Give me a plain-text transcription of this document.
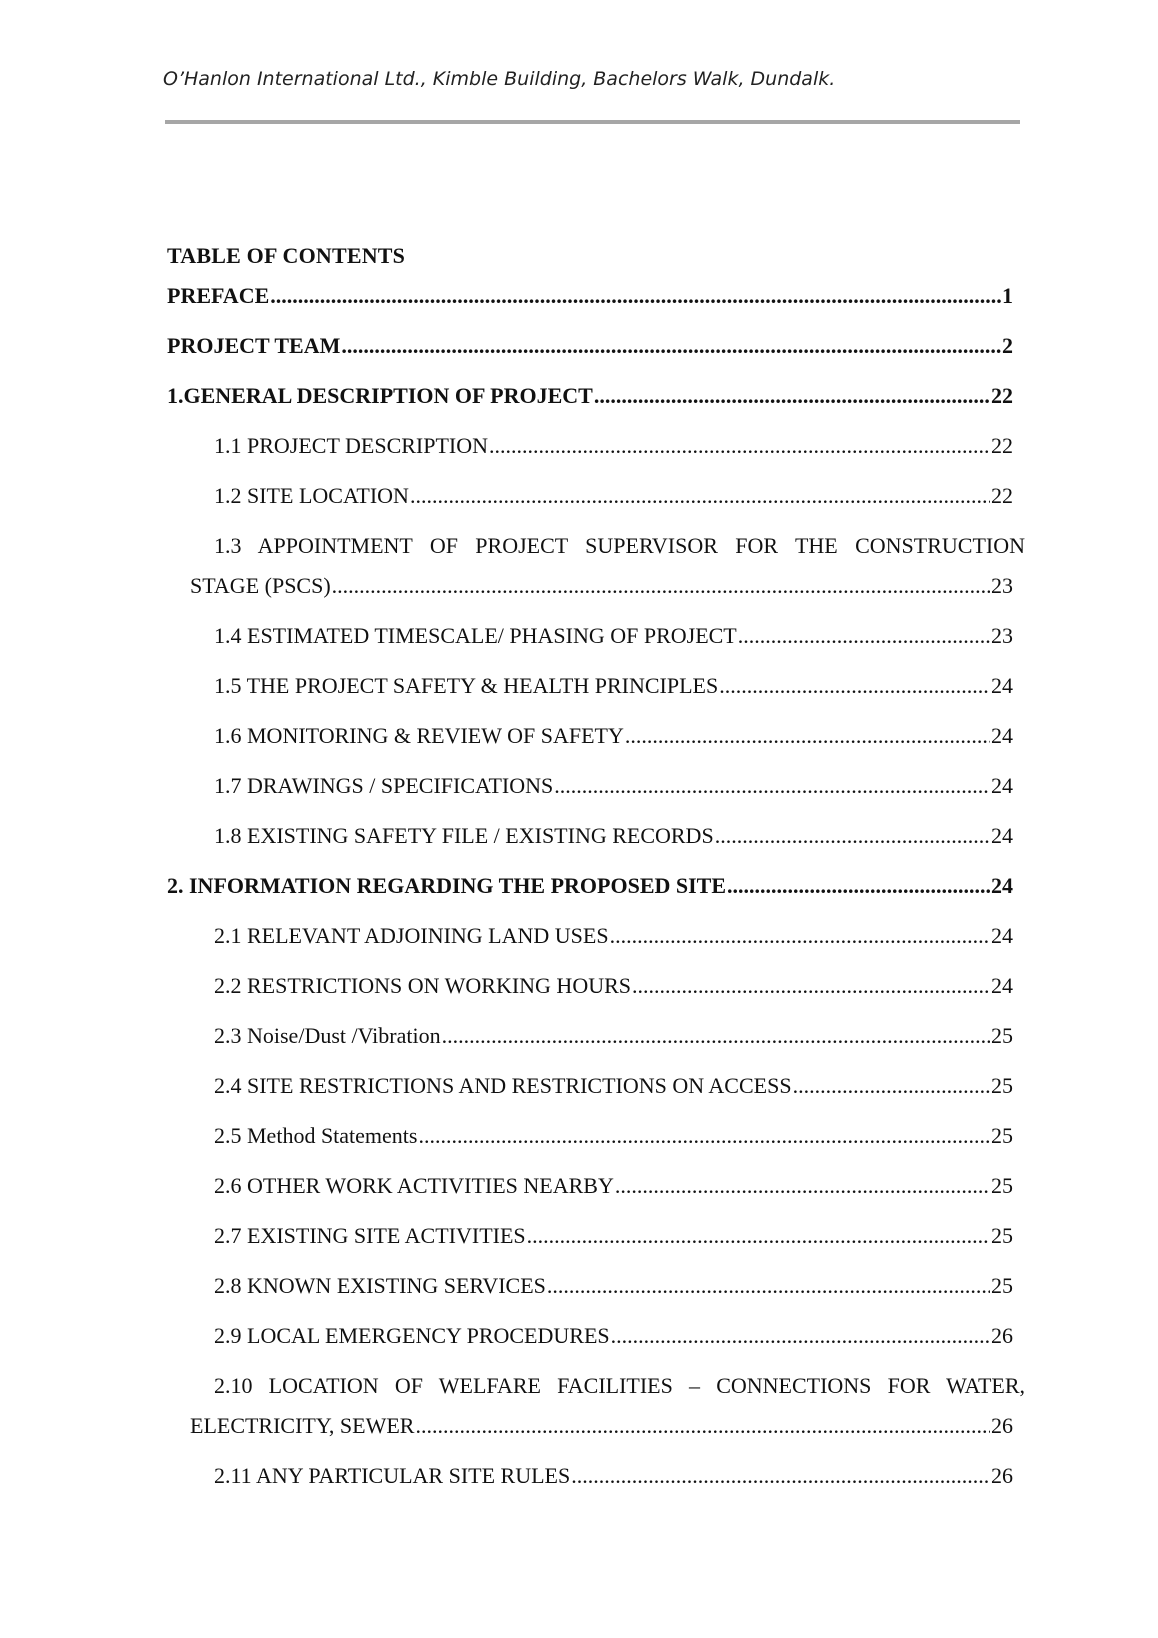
O’Hanlon International Ltd., Kimble Building, Bachelors Walk, Dundalk.
TABLE OF CONTENTS
PREFACE .....	1
PROJECT TEAM .....	2
1. GENERAL DESCRIPTION OF PROJECT .....	22
1.1 PROJECT DESCRIPTION .....	22
1.2 SITE LOCATION .....	22
1.3 APPOINTMENT OF PROJECT SUPERVISOR FOR THE CONSTRUCTION
STAGE (PSCS) .....	23
1.4 ESTIMATED TIMESCALE/ PHASING OF PROJECT .....	23
1.5 THE PROJECT SAFETY & HEALTH PRINCIPLES .....	24
1.6 MONITORING & REVIEW OF SAFETY .....	24
1.7 DRAWINGS / SPECIFICATIONS .....	24
1.8 EXISTING SAFETY FILE / EXISTING RECORDS .....	24
2. INFORMATION REGARDING THE PROPOSED SITE .....	24
2.1 RELEVANT ADJOINING LAND USES .....	24
2.2 RESTRICTIONS ON WORKING HOURS .....	24
2.3 Noise/Dust /Vibration .....	25
2.4 SITE RESTRICTIONS AND RESTRICTIONS ON ACCESS .....	25
2.5 Method Statements .....	25
2.6 OTHER WORK ACTIVITIES NEARBY .....	25
2.7 EXISTING SITE ACTIVITIES .....	25
2.8 KNOWN EXISTING SERVICES .....	25
2.9 LOCAL EMERGENCY PROCEDURES .....	26
2.10 LOCATION OF WELFARE FACILITIES – CONNECTIONS FOR WATER,
ELECTRICITY, SEWER .....	26
2.11 ANY PARTICULAR SITE RULES .....	26
